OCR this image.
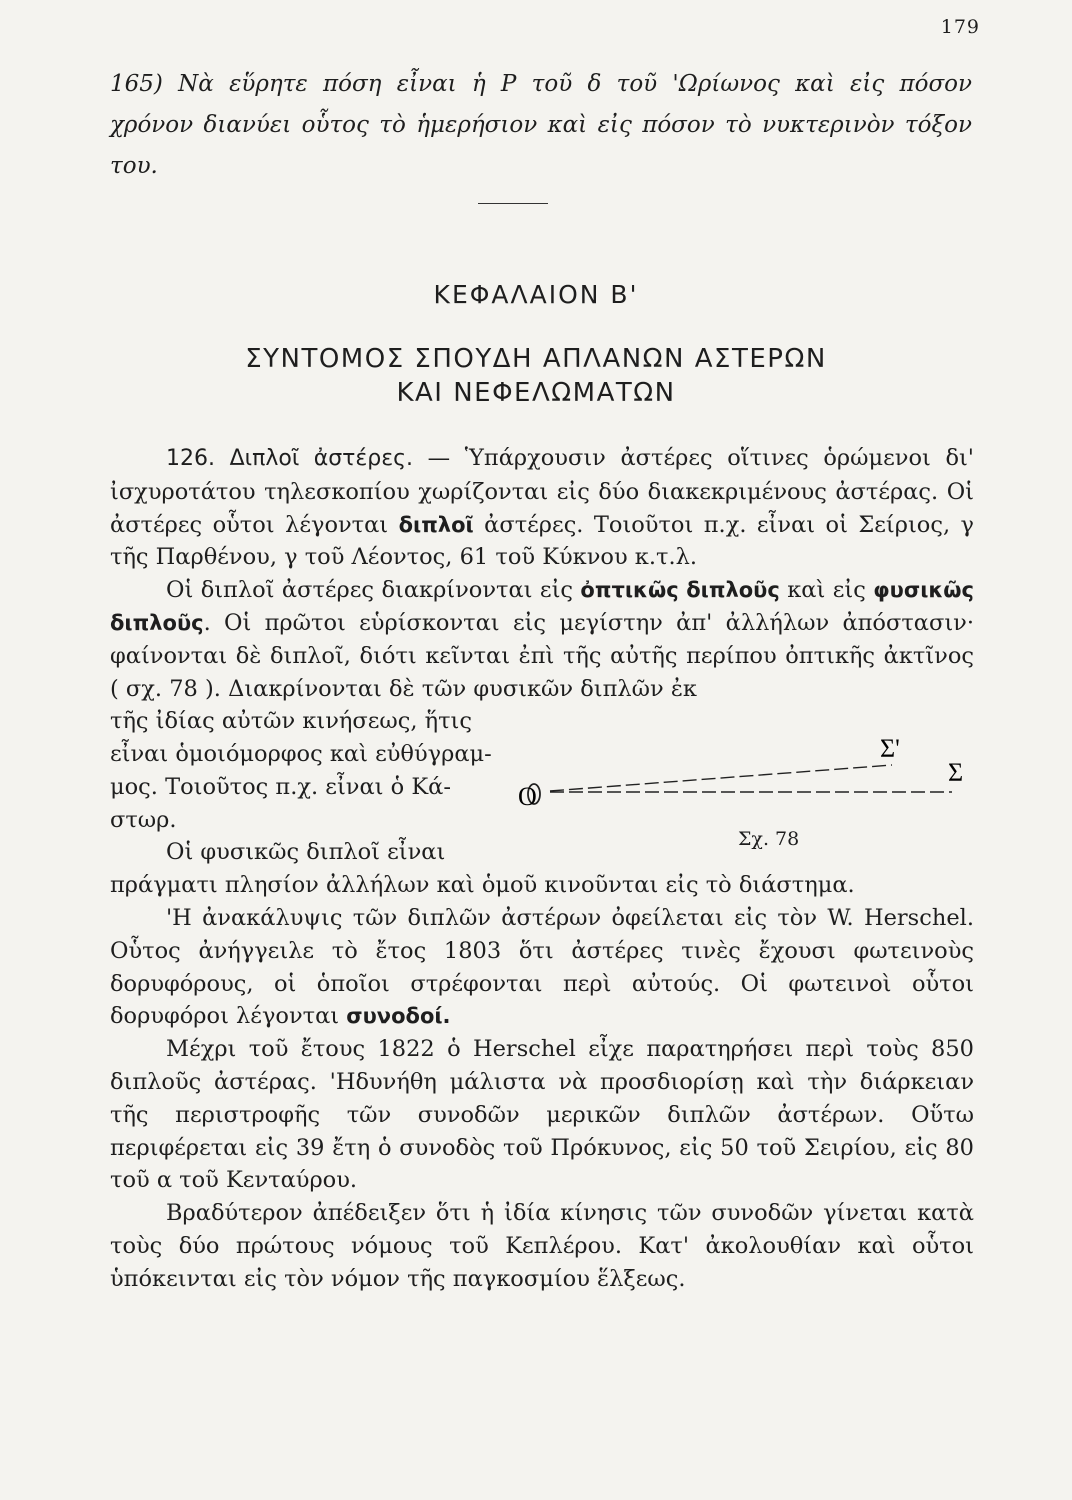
179
165) Νὰ εὕρητε πόση εἶναι ἡ P τοῦ δ τοῦ 'Ωρίωνος καὶ εἰς πόσον

χρόνον διανύει οὗτος τὸ ἡμερήσιον καὶ εἰς πόσον τὸ νυκτερινὸν τόξον του.
ΚΕΦΑΛΑΙΟΝ Β'
ΣΥΝΤΟΜΟΣ ΣΠΟΥΔΗ ΑΠΛΑΝΩΝ ΑΣΤΕΡΩΝ
ΚΑΙ ΝΕΦΕΛΩΜΑΤΩΝ

126. Διπλοῖ ἀστέρες. — Ὑπάρχουσιν ἀστέρες οἵτινες ὁρώμενοι δι' ἰσχυροτάτου τηλεσκοπίου χωρίζονται εἰς δύο διακεκριμένους ἀστέρας. Οἱ ἀστέρες οὗτοι λέγονται διπλοῖ ἀστέρες. Τοιοῦτοι π.χ. εἶναι οἱ Σείριος, γ τῆς Παρθένου, γ τοῦ Λέοντος, 61 τοῦ Κύκνου κ.τ.λ.

Οἱ διπλοῖ ἀστέρες διακρίνονται εἰς ὀπτικῶς διπλοῦς καὶ εἰς φυσικῶς διπλοῦς. Οἱ πρῶτοι εὑρίσκονται εἰς μεγίστην ἀπ' ἀλλήλων ἀπόστασιν· φαίνονται δὲ διπλοῖ, διότι κεῖνται ἐπὶ τῆς αὐτῆς περίπου ὀπτικῆς ἀκτῖνος ( σχ. 78 ). Διακρίνονται δὲ τῶν φυσικῶν διπλῶν ἐκ

τῆς ἰδίας αὐτῶν κινήσεως, ἥτις

εἶναι ὁμοιόμορφος καὶ εὐθύγραμ-

μος. Τοιοῦτος π.χ. εἶναι ὁ Κά-

στωρ.

O
Σ'
Σ
Σχ. 78

Οἱ φυσικῶς διπλοῖ εἶναι

πράγματι πλησίον ἀλλήλων καὶ ὁμοῦ κινοῦνται εἰς τὸ διάστημα.

'Η ἀνακάλυψις τῶν διπλῶν ἀστέρων ὀφείλεται εἰς τὸν W. Herschel. Οὗτος ἀνήγγειλε τὸ ἔτος 1803 ὅτι ἀστέρες τινὲς ἔχουσι φωτεινοὺς δορυφόρους, οἱ ὁποῖοι στρέφονται περὶ αὐτούς. Οἱ φωτεινοὶ οὗτοι δορυφόροι λέγονται συνοδοί.

Μέχρι τοῦ ἔτους 1822 ὁ Herschel εἶχε παρατηρήσει περὶ τοὺς 850 διπλοῦς ἀστέρας. 'Ηδυνήθη μάλιστα νὰ προσδιορίσῃ καὶ τὴν διάρκειαν τῆς περιστροφῆς τῶν συνοδῶν μερικῶν διπλῶν ἀστέρων. Οὕτω περιφέρεται εἰς 39 ἔτη ὁ συνοδὸς τοῦ Πρόκυνος, εἰς 50 τοῦ Σειρίου, εἰς 80 τοῦ α τοῦ Κενταύρου.

Βραδύτερον ἀπέδειξεν ὅτι ἡ ἰδία κίνησις τῶν συνοδῶν γίνεται κατὰ τοὺς δύο πρώτους νόμους τοῦ Κεπλέρου. Κατ' ἀκολουθίαν καὶ οὗτοι ὑπόκεινται εἰς τὸν νόμον τῆς παγκοσμίου ἕλξεως.
